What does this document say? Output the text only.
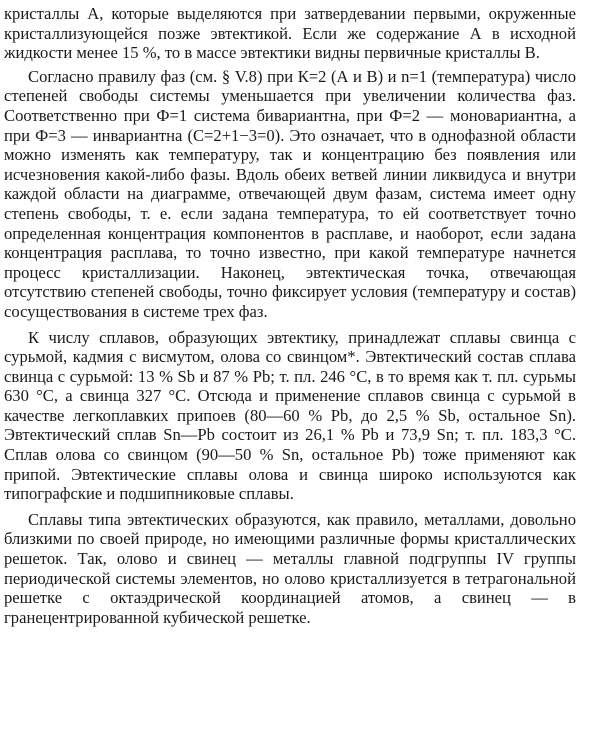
кристаллы А, которые выделяются при затвердевании первыми, окруженные кристаллизующейся позже эвтектикой. Если же содержание А в исходной жидкости менее 15 %, то в массе эвтектики видны первичные кристаллы В.

Согласно правилу фаз (см. § V.8) при К=2 (А и В) и n=1 (температура) число степеней свободы системы уменьшается при увеличении количества фаз. Соответственно при Ф=1 система бивариантна, при Ф=2 — моновариантна, а при Ф=3 — инвариантна (С=2+1−3=0). Это означает, что в однофазной области можно изменять как температуру, так и концентрацию без появления или исчезновения какой-либо фазы. Вдоль обеих ветвей линии ликвидуса и внутри каждой области на диаграмме, отвечающей двум фазам, система имеет одну степень свободы, т. е. если задана температура, то ей соответствует точно определенная концентрация компонентов в расплаве, и наоборот, если задана концентрация расплава, то точно известно, при какой температуре начнется процесс кристаллизации. Наконец, эвтектическая точка, отвечающая отсутствию степеней свободы, точно фиксирует условия (температуру и состав) сосуществования в системе трех фаз.

К числу сплавов, образующих эвтектику, принадлежат сплавы свинца с сурьмой, кадмия с висмутом, олова со свинцом*. Эвтектический состав сплава свинца с сурьмой: 13 % Sb и 87 % Pb; т. пл. 246 °С, в то время как т. пл. сурьмы 630 °С, а свинца 327 °С. Отсюда и применение сплавов свинца с сурьмой в качестве легкоплавких припоев (80—60 % Pb, до 2,5 % Sb, остальное Sn). Эвтектический сплав Sn—Pb состоит из 26,1 % Pb и 73,9 Sn; т. пл. 183,3 °С. Сплав олова со свинцом (90—50 % Sn, остальное Pb) тоже применяют как припой. Эвтектические сплавы олова и свинца широко используются как типографские и подшипниковые сплавы.

Сплавы типа эвтектических образуются, как правило, металлами, довольно близкими по своей природе, но имеющими различные формы кристаллических решеток. Так, олово и свинец — металлы главной подгруппы IV группы периодической системы элементов, но олово кристаллизуется в тетрагональной решетке с октаэдрической координацией атомов, а свинец — в гранецентрированной кубической решетке.
